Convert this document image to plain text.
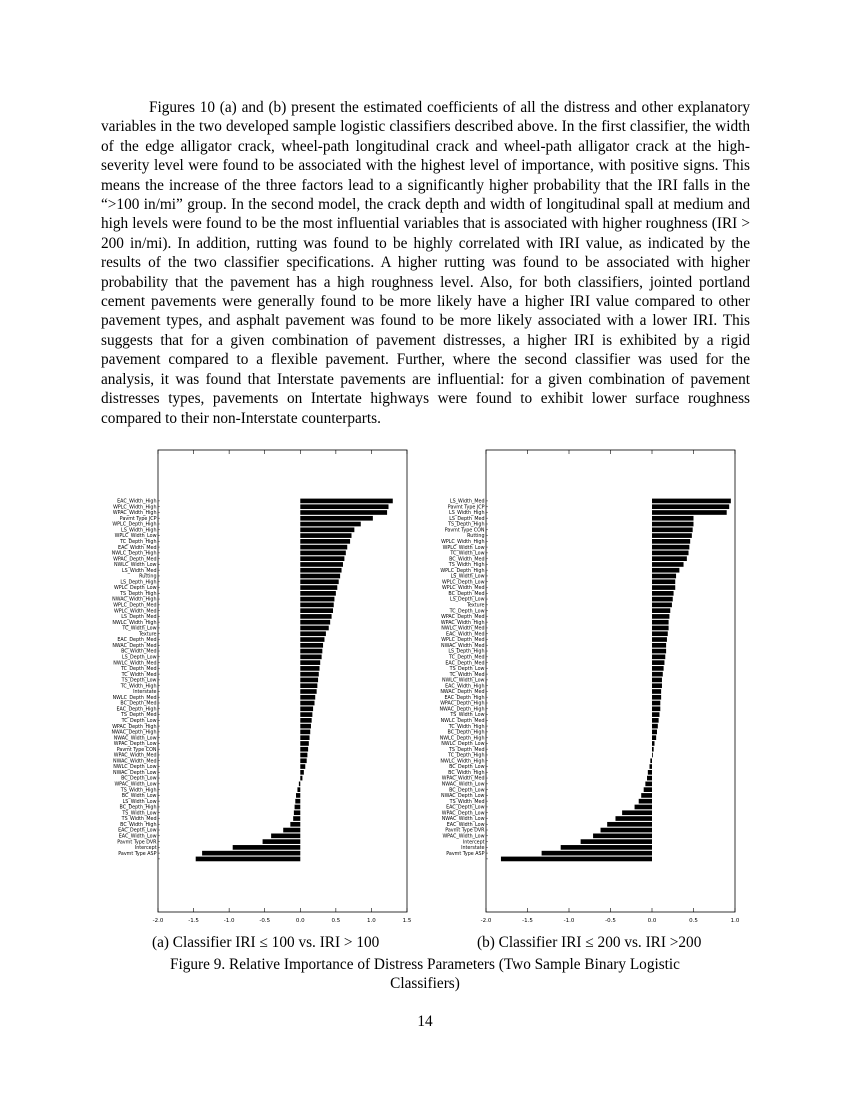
Figures 10 (a) and (b) present the estimated coefficients of all the distress and other explanatory variables in the two developed sample logistic classifiers described above. In the first classifier, the width of the edge alligator crack, wheel-path longitudinal crack and wheel-path alligator crack at the high-severity level were found to be associated with the highest level of importance, with positive signs. This means the increase of the three factors lead to a significantly higher probability that the IRI falls in the “>100 in/mi” group. In the second model, the crack depth and width of longitudinal spall at medium and high levels were found to be the most influential variables that is associated with higher roughness (IRI > 200 in/mi). In addition, rutting was found to be highly correlated with IRI value, as indicated by the results of the two classifier specifications. A higher rutting was found to be associated with higher probability that the pavement has a high roughness level. Also, for both classifiers, jointed portland cement pavements were generally found to be more likely have a higher IRI value compared to other pavement types, and asphalt pavement was found to be more likely associated with a lower IRI. This suggests that for a given combination of pavement distresses, a higher IRI is exhibited by a rigid pavement compared to a flexible pavement. Further, where the second classifier was used for the analysis, it was found that Interstate pavements are influential: for a given combination of pavement distresses types, pavements on Intertate highways were found to exhibit lower surface roughness compared to their non-Interstate counterparts.

-2.0	-1.5	-1.0	-0.5	0.0	0.5	1.0	1.5
EAC_Width_High
WPLC_Width_High
WPAC_Width_High
Pavmt Type JCP
WPLC_Depth_High
LS_Width_High
WPLC_Width_Low
TC_Depth_High
EAC_Width_Med
NWLC_Depth_High
WPAC_Depth_Med
NWLC_Width_Low
LS_Width_Med
Rutting
LS_Depth_High
WPLC_Depth_Low
TS_Depth_High
NWAC_Width_High
WPLC_Depth_Med
WPLC_Width_Med
LS_Depth_Med
NWLC_Width_High
TC_Width_Low
Texture
EAC_Depth_Med
NWAC_Depth_Med
BC_Width_Med
LS_Depth_Low
NWLC_Width_Med
TC_Depth_Med
TC_Width_Med
TS_Depth_Low
TC_Width_High
Interstate
NWLC_Depth_Med
BC_Depth_Med
EAC_Depth_High
TS_Depth_Med
TC_Depth_Low
WPAC_Depth_High
NWAC_Depth_High
NWAC_Width_Low
WPAC_Depth_Low
Pavmt Type CON
WPAC_Width_Med
NWAC_Width_Med
NWLC_Depth_Low
NWAC_Depth_Low
BC_Depth_Low
WPAC_Width_Low
TS_Width_High
BC_Width_Low
LS_Width_Low
BC_Depth_High
TS_Width_Low
TS_Width_Med
BC_Width_High
EAC_Depth_Low
EAC_Width_Low
Pavmt Type DVR
Intercept
Pavmt Type ASP
-2.0	-1.5	-1.0	-0.5	0.0	0.5	1.0
LS_Width_Med
Pavmt Type JCP
LS_Width_High
LS_Depth_Med
TS_Depth_High
Pavmt Type CON
Rutting
WPLC_Width_High
WPLC_Width_Low
TC_Width_Low
BC_Width_Med
TS_Width_High
WPLC_Depth_High
LS_Width_Low
WPLC_Depth_Low
WPLC_Width_Med
BC_Depth_Med
LS_Depth_Low
Texture
TC_Depth_Low
WPAC_Depth_Med
WPAC_Width_High
NWLC_Width_Med
EAC_Width_Med
WPLC_Depth_Med
NWAC_Width_Med
LS_Depth_High
TC_Depth_Med
EAC_Depth_Med
TS_Depth_Low
TC_Width_Med
NWLC_Width_Low
EAC_Width_High
NWAC_Depth_Med
EAC_Depth_High
WPAC_Depth_High
NWAC_Depth_High
TS_Width_Low
NWLC_Depth_Med
TC_Width_High
BC_Depth_High
NWLC_Depth_High
NWLC_Depth_Low
TS_Depth_Med
TC_Depth_High
NWLC_Width_High
BC_Depth_Low
BC_Width_High
WPAC_Width_Med
NWAC_Width_Low
BC_Depth_Low
NWAC_Depth_Low
TS_Width_Med
EAC_Depth_Low
WPAC_Depth_Low
NWAC_Width_Low
EAC_Width_Low
Pavmt Type DVR
WPAC_Width_Low
Intercept
Interstate
Pavmt Type ASP
(a) Classifier IRI ≤ 100 vs. IRI > 100	(b) Classifier IRI ≤ 200 vs. IRI >200
Figure 9. Relative Importance of Distress Parameters (Two Sample Binary Logistic Classifiers)
14
